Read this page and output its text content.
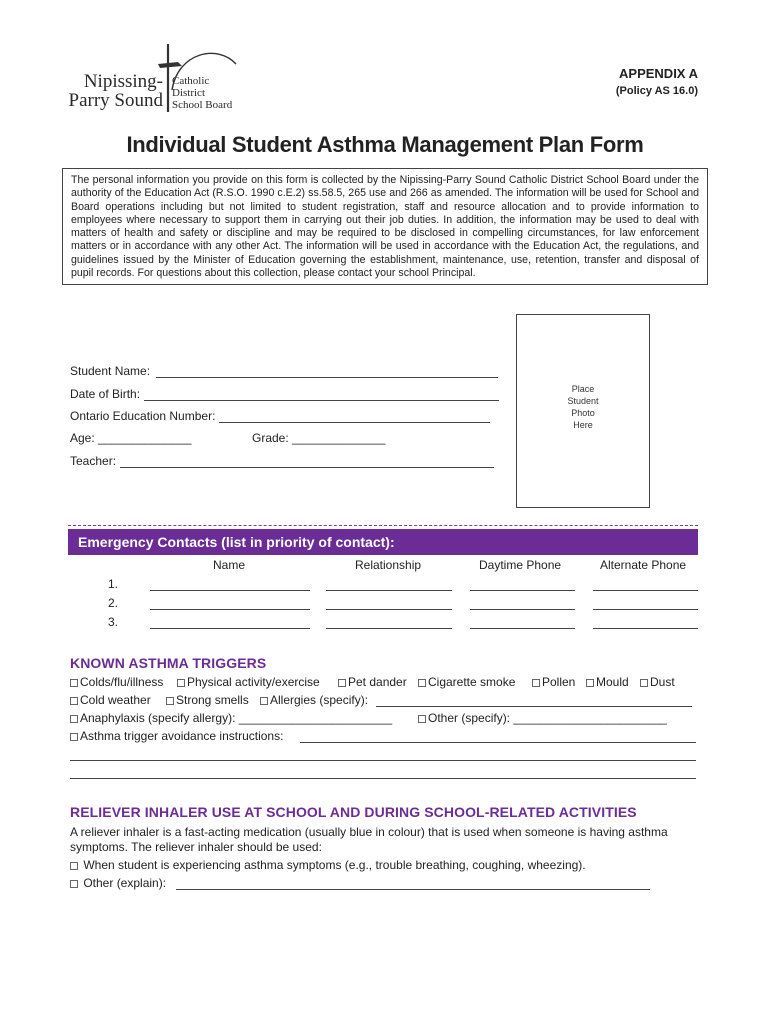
Nipissing-
Parry Sound
Catholic
District
School Board
APPENDIX A
(Policy AS 16.0)
Individual Student Asthma Management Plan Form
The personal information you provide on this form is collected by the Nipissing-Parry Sound Catholic District School Board under the authority of the Education Act (R.S.O. 1990 c.E.2) ss.58.5, 265 use and 266 as amended. The information will be used for School and Board operations including but not limited to student registration, staff and resource allocation and to provide information to employees where necessary to support them in carrying out their job duties. In addition, the information may be used to deal with matters of health and safety or discipline and may be required to be disclosed in compelling circumstances, for law enforcement matters or in accordance with any other Act. The information will be used in accordance with the Education Act, the regulations, and guidelines issued by the Minister of Education governing the establishment, maintenance, use, retention, transfer and disposal of pupil records. For questions about this collection, please contact your school Principal.
Place
Student
Photo
Here
Student Name:
Date of Birth:
Ontario Education Number:
Age: ______________	Grade: ______________
Teacher:
Emergency Contacts (list in priority of contact):
Name	Relationship	Daytime Phone	Alternate Phone
1.
2.
3.
KNOWN ASTHMA TRIGGERS
Colds/flu/illness	Physical activity/exercise	Pet dander	Cigarette smoke	Pollen	Mould	Dust
Cold weather	Strong smells	Allergies (specify):
Anaphylaxis (specify allergy): _______________________	Other (specify): _______________________
Asthma trigger avoidance instructions:
RELIEVER INHALER USE AT SCHOOL AND DURING SCHOOL-RELATED ACTIVITIES
A reliever inhaler is a fast-acting medication (usually blue in colour) that is used when someone is having asthma symptoms. The reliever inhaler should be used:
When student is experiencing asthma symptoms (e.g., trouble breathing, coughing, wheezing).
Other (explain):
